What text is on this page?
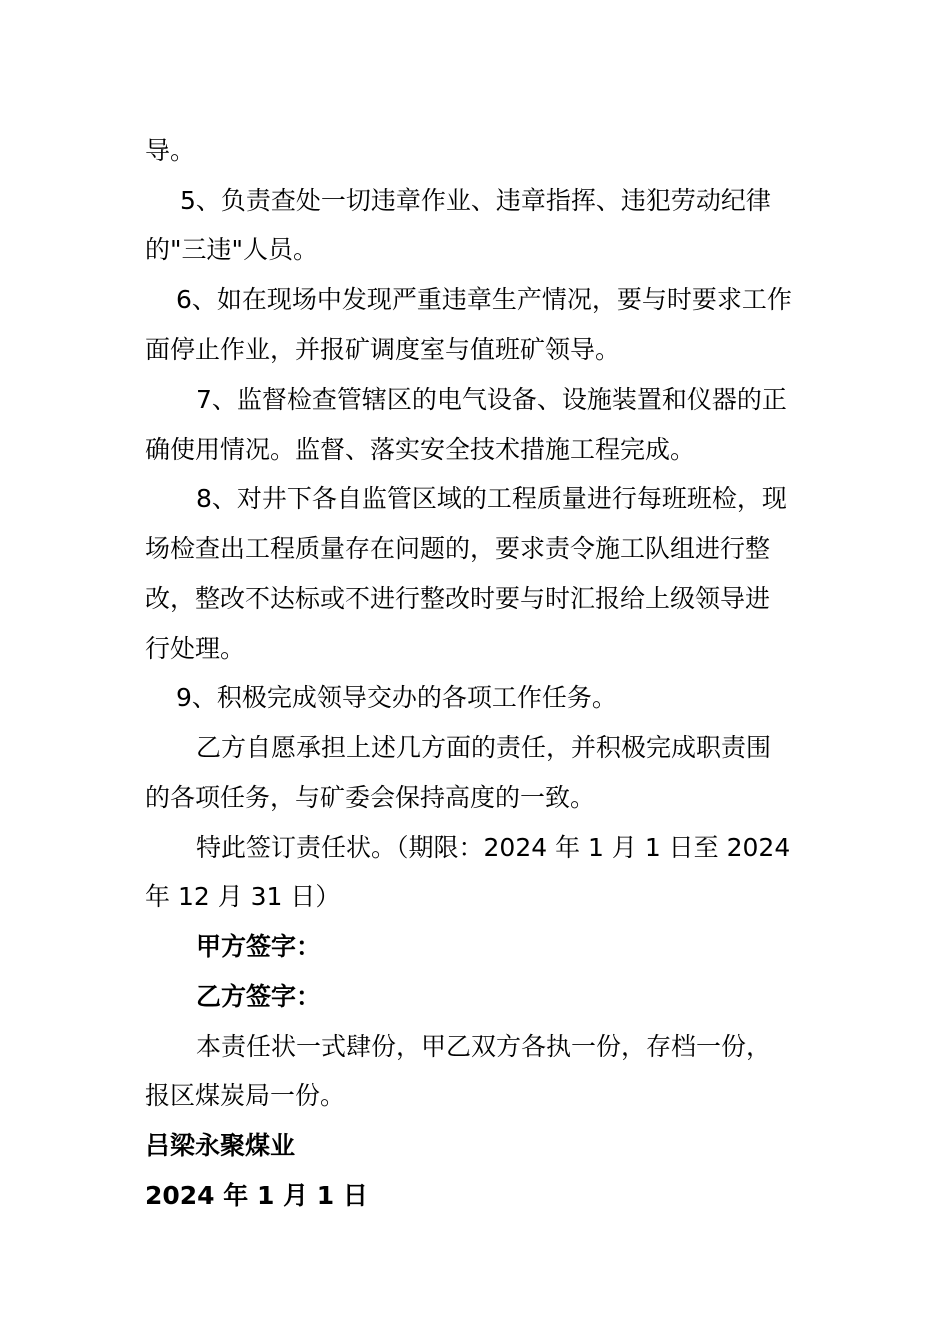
导。
5、负责查处一切违章作业、违章指挥、违犯劳动纪律
的"三违"人员。
6、如在现场中发现严重违章生产情况，要与时要求工作
面停止作业，并报矿调度室与值班矿领导。
7、监督检查管辖区的电气设备、设施装置和仪器的正
确使用情况。监督、落实安全技术措施工程完成。
8、对井下各自监管区域的工程质量进行每班班检，现
场检查出工程质量存在问题的，要求责令施工队组进行整
改，整改不达标或不进行整改时要与时汇报给上级领导进
行处理。
9、积极完成领导交办的各项工作任务。
乙方自愿承担上述几方面的责任，并积极完成职责围
的各项任务，与矿委会保持高度的一致。
特此签订责任状。（期限：2024 年 1 月 1 日至 2024
年 12 月 31 日）
甲方签字：
乙方签字：
本责任状一式肆份，甲乙双方各执一份，存档一份，
报区煤炭局一份。
吕梁永聚煤业
2024 年 1 月 1 日
